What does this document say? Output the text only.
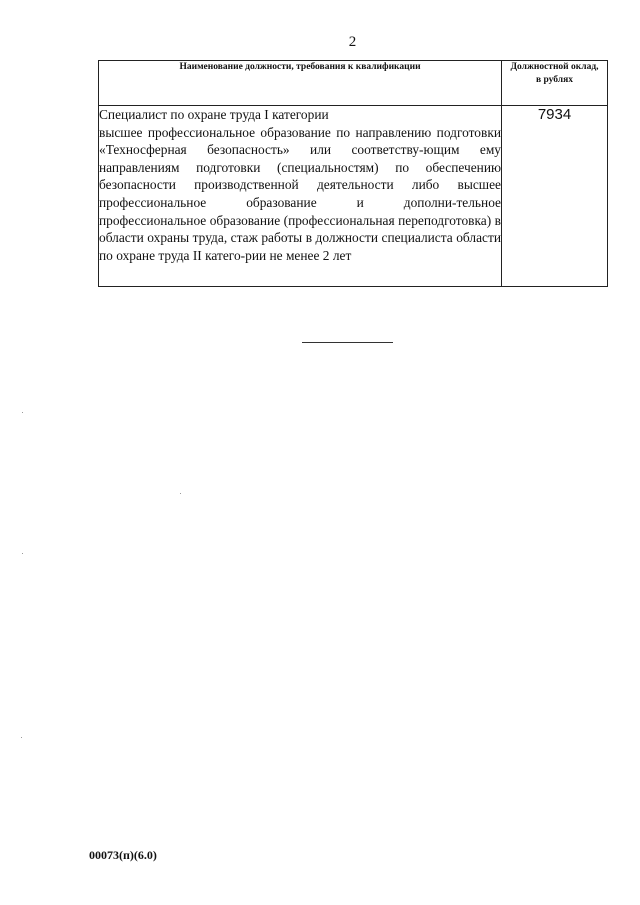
2
Наименование должности, требования к квалификации	Должностной оклад,
в рублях

Специалист по охране труда I категории
высшее профессиональное образование по направлению подготовки «Техносферная безопасность» или соответству-ющим ему направлениям подготовки (специальностям) по обеспечению безопасности производственной деятельности либо высшее профессиональное образование и дополни-тельное профессиональное образование (профессиональная переподготовка) в области охраны труда, стаж работы в должности специалиста области по охране труда II катего-рии не менее 2 лет	7934
00073(п)(6.0)
